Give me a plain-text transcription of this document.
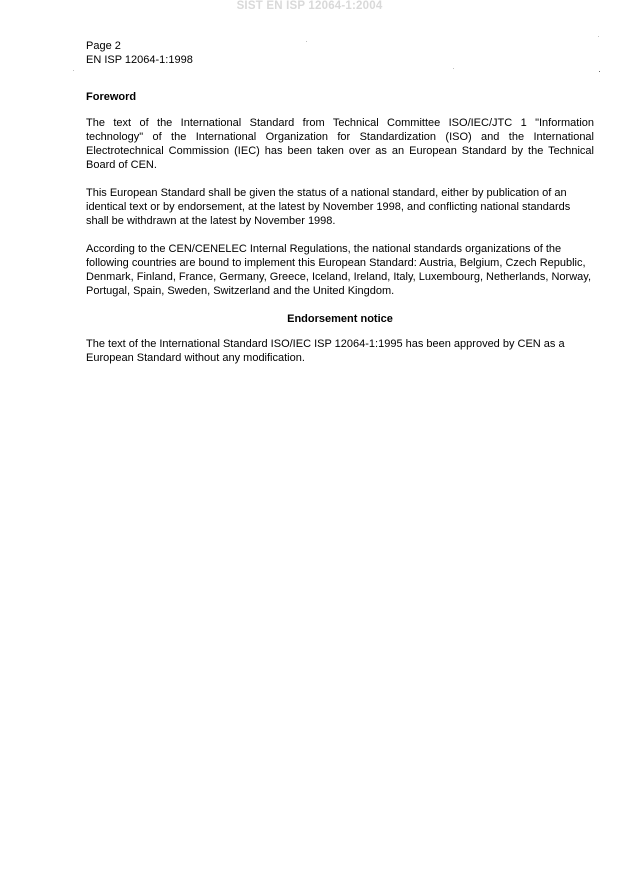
SIST EN ISP 12064-1:2004
Page 2
EN ISP 12064-1:1998
Foreword

The text of the International Standard from Technical Committee ISO/IEC/JTC 1 "Information technology" of the International Organization for Standardization (ISO) and the International Electrotechnical Commission (IEC) has been taken over as an European Standard by the Technical Board of CEN.

This European Standard shall be given the status of a national standard, either by publication of an identical text or by endorsement, at the latest by November 1998, and conflicting national standards shall be withdrawn at the latest by November 1998.

According to the CEN/CENELEC Internal Regulations, the national standards organizations of the following countries are bound to implement this European Standard: Austria, Belgium, Czech Republic, Denmark, Finland, France, Germany, Greece, Iceland, Ireland, Italy, Luxembourg, Netherlands, Norway, Portugal, Spain, Sweden, Switzerland and the United Kingdom.

Endorsement notice

The text of the International Standard ISO/IEC ISP 12064-1:1995 has been approved by CEN as a European Standard without any modification.
